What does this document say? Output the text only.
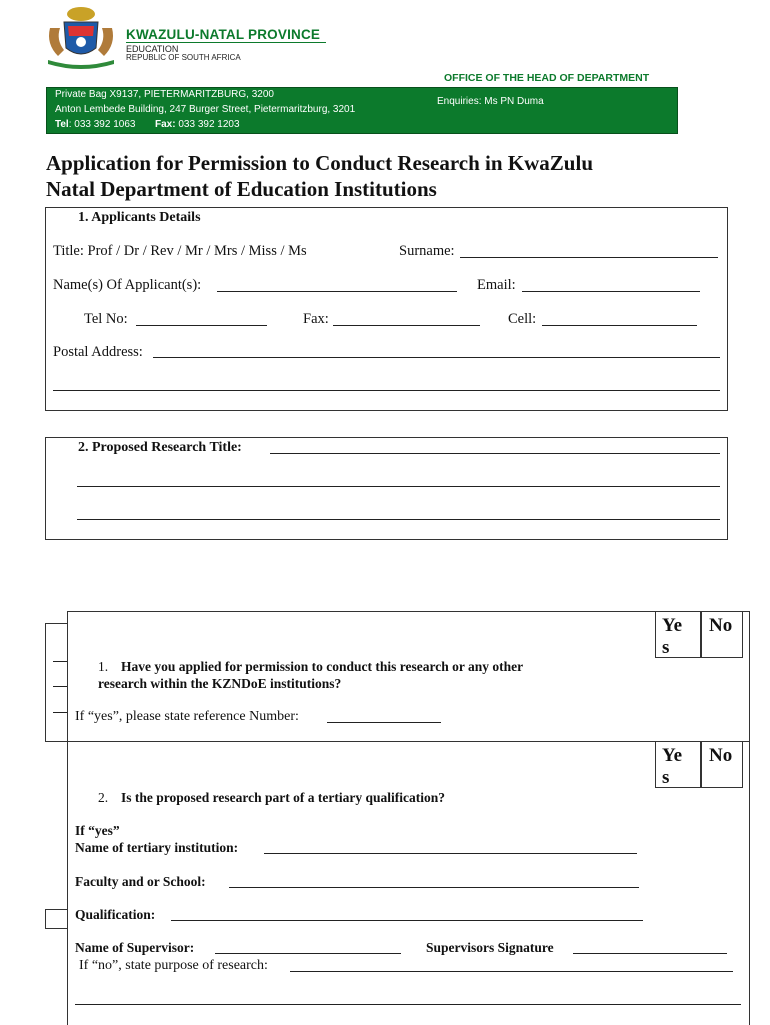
KWAZULU-NATAL PROVINCE
EDUCATION
REPUBLIC OF SOUTH AFRICA
OFFICE OF THE HEAD OF DEPARTMENT
Private Bag X9137, PIETERMARITZBURG, 3200
Anton Lembede Building, 247 Burger Street, Pietermaritzburg, 3201
Tel: 033 392 1063 Fax: 033 392 1203
Enquiries: Ms PN Duma
Application for Permission to Conduct Research in KwaZulu
Natal Department of Education Institutions
1. Applicants Details
Title: Prof / Dr / Rev / Mr / Mrs / Miss / Ms	Surname:
Name(s) Of Applicant(s):	Email:
Tel No:	Fax:	Cell:
Postal Address:
2. Proposed Research Title:
Ye
s
No
1. Have you applied for permission to conduct this research or any other
research within the KZNDoE institutions?
If “yes”, please state reference Number:
Ye
s
No
2. Is the proposed research part of a tertiary qualification?
If “yes”
Name of tertiary institution:
Faculty and or School:
Qualification:
Name of Supervisor:	Supervisors Signature
If “no”, state purpose of research:
